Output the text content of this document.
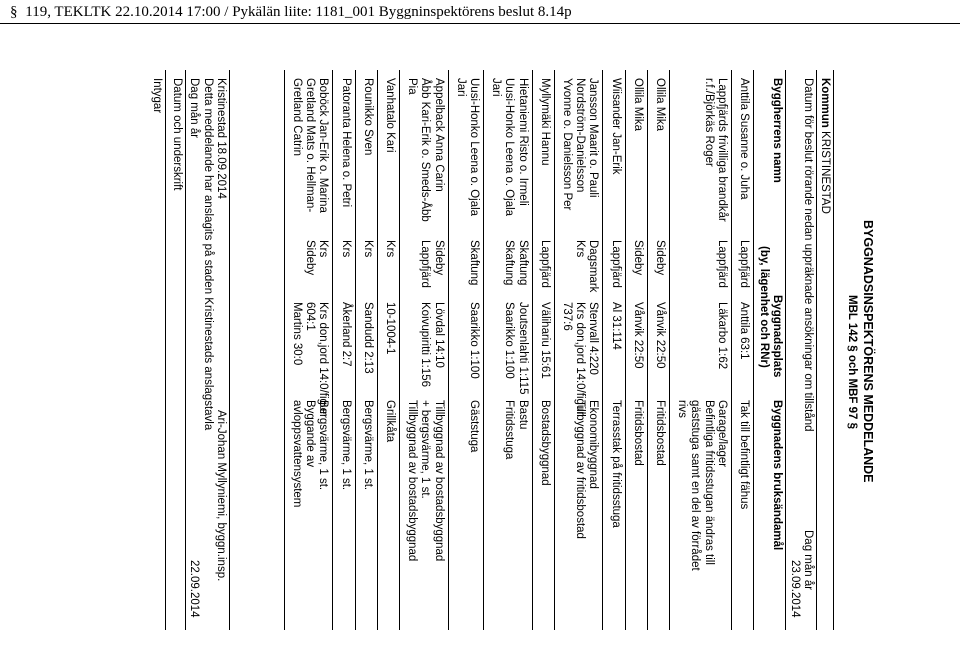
§ 119, TEKLTK 22.10.2014 17:00 / Pykälän liite: 1181_001 Byggninspektörens beslut 8.14p
BYGGNADSINSPEKTÖRENS MEDDELANDE
MBL 142 § och MBF 97 §
Kommun KRISTINESTAD
Datum för beslut rörande nedan uppräknade ansökningar om tillstånd
Dag mån år
23.09.2014
Byggherrens namn
Byggnadsplats
(by, lägenhet och RNr)
Byggnadens bruksändamål
Anttila Susanne o. Juha
Lappfjärd
Anttila 63:1
Tak till befintligt fähus
Lappfjärds frivilliga brandkår
r.f./Björkäs Roger
Lappfjärd
Läkarbo 1:62
Garage/lager
Befintliga fritidsstugan ändras till
gäststuga samt en del av förrådet
rivs
Ollila Mika
Sideby
Vånvik 22:50
Fritidsbostad
Ollila Mika
Sideby
Vånvik 22:50
Fritidsbostad
Wiisander Jan-Erik
Lappfjärd
Al 31:114
Terrasstak på fritidsstuga
Jansson Maarit o. Pauli
Nordström-Danielsson
Yvonne o. Danielsson Per
Dagsmark
Krs
Stenvall 4:220
Krs don,jord 14:0/figur
737:6
Ekonomibyggnad
Tillbyggnad av fritidsbostad
Myllymäki Hannu
Lappfjärd
Välihariu 15:61
Bostadsbyggnad
Hietaniemi Risto o. Irmeli
Uusi-Honko Leena o. Ojala
Jari
Skaftung
Skaftung
Joutsenlahti 1:115
Saarikko 1:100
Bastu
Fritidsstuga
Uusi-Honko Leena o. Ojala
Jari
Skaftung
Saarikko 1:100
Gäststuga
Appelback Anna Carin
Åbb Kari-Erik o. Smeds-Åbb
Pia
Sideby
Lappfjärd
Lövdal 14:10
Koivupiritti 1:156
Tillbyggnad av bostadsbyggnad
+ bergsvärme, 1 st.
Tillbyggnad av bostadsbyggnad
Vanhatalo Kari
Krs
10-1004-1
Grillkåta
Rounikko Sven
Krs
Sandudd 2:13
Bergsvärme, 1 st.
Patoranta Helena o. Petri
Krs
Åkerland 2:7
Bergsvärme, 1 st.
Boböck Jan-Erik o. Marina
Gretland Mats o. Hellman-
Gretland Catrin
Krs
Sideby
Krs don,jord 14:0/figur
604:1
Martins 30:0
Bergsvärme, 1 st.
Byggande av
avloppsvattensystem
Kristinestad 18.09.2014
Ari-Johan Myllyniemi, byggn.insp.
Detta meddelande har anslagits på staden Kristinestads anslagstavla
Dag mån år
22.09.2014
Datum och underskrift
Intygar
